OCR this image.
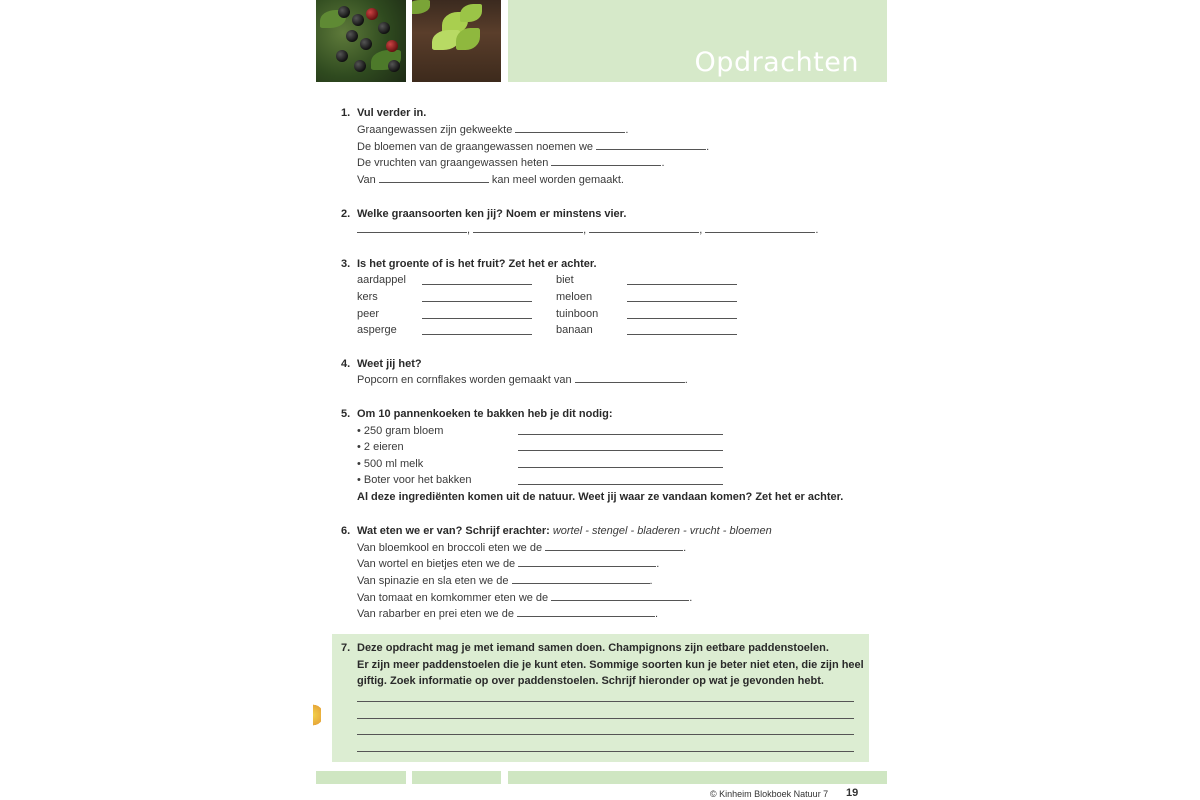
Opdrachten
1. Vul verder in.
Graangewassen zijn gekweekte	.
De bloemen van de graangewassen noemen we	.
De vruchten van graangewassen heten	.
Van	kan meel worden gemaakt.
2. Welke graansoorten ken jij? Noem er minstens vier.
,	,	,	.
3. Is het groente of is het fruit? Zet het er achter.
aardappel	biet
kers	meloen
peer	tuinboon
asperge	banaan
4. Weet jij het?
Popcorn en cornflakes worden gemaakt van	.
5. Om 10 pannenkoeken te bakken heb je dit nodig:
• 250 gram bloem
• 2 eieren
• 500 ml melk
• Boter voor het bakken
Al deze ingrediënten komen uit de natuur. Weet jij waar ze vandaan komen? Zet het er achter.
6. Wat eten we er van? Schrijf erachter: wortel - stengel - bladeren - vrucht - bloemen
Van bloemkool en broccoli eten we de	.
Van wortel en bietjes eten we de	.
Van spinazie en sla eten we de	.
Van tomaat en komkommer eten we de	.
Van rabarber en prei eten we de	.
7. Deze opdracht mag je met iemand samen doen. Champignons zijn eetbare paddenstoelen.
Er zijn meer paddenstoelen die je kunt eten. Sommige soorten kun je beter niet eten, die zijn heel
giftig. Zoek informatie op over paddenstoelen. Schrijf hieronder op wat je gevonden hebt.
© Kinheim Blokboek Natuur 7 19
